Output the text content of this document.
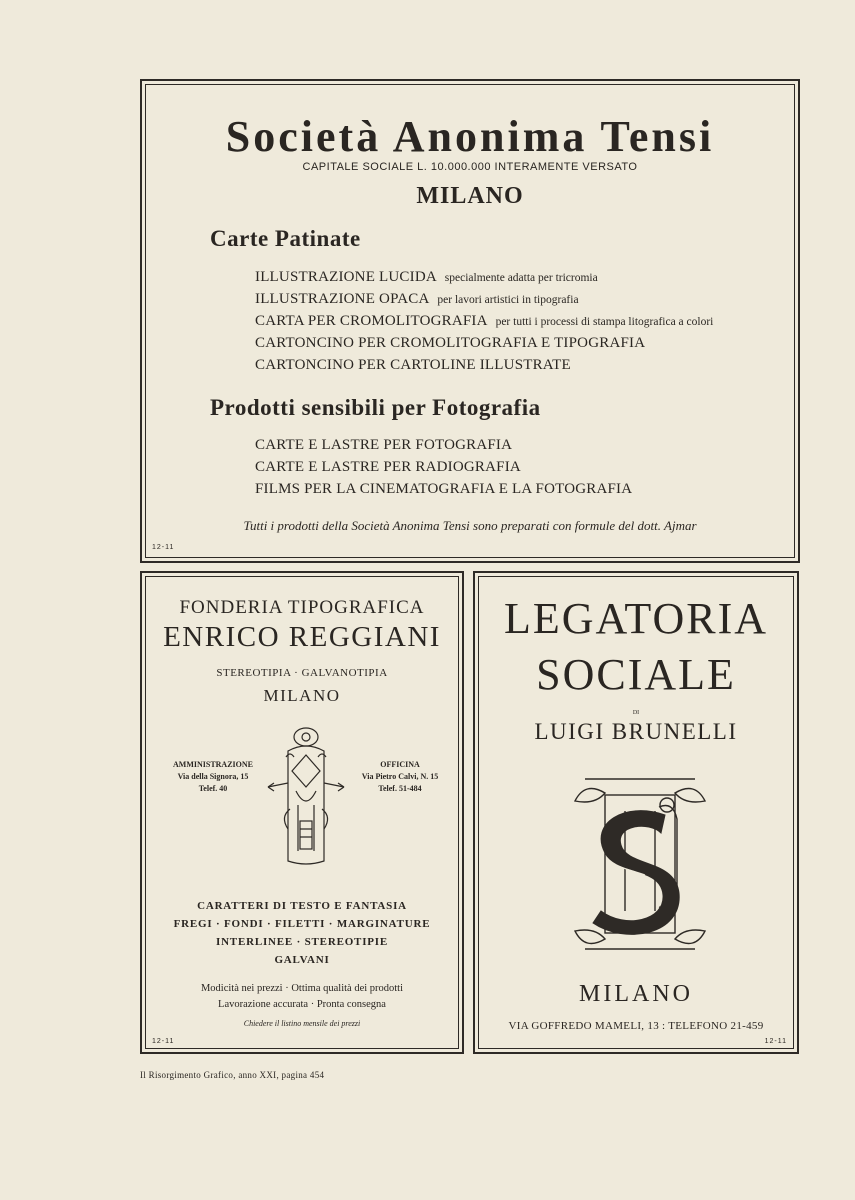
Società Anonima Tensi
CAPITALE SOCIALE L. 10.000.000 INTERAMENTE VERSATO
MILANO
Carte Patinate
ILLUSTRAZIONE LUCIDA specialmente adatta per tricromia
ILLUSTRAZIONE OPACA per lavori artistici in tipografia
CARTA PER CROMOLITOGRAFIA per tutti i processi di stampa litografica a colori
CARTONCINO PER CROMOLITOGRAFIA E TIPOGRAFIA
CARTONCINO PER CARTOLINE ILLUSTRATE
Prodotti sensibili per Fotografia
CARTE E LASTRE PER FOTOGRAFIA
CARTE E LASTRE PER RADIOGRAFIA
FILMS PER LA CINEMATOGRAFIA E LA FOTOGRAFIA
Tutti i prodotti della Società Anonima Tensi sono preparati con formule del dott. Ajmar
12-11
FONDERIA TIPOGRAFICA
ENRICO REGGIANI
STEREOTIPIA · GALVANOTIPIA
MILANO
AMMINISTRAZIONE
Via della Signora, 15
Telef. 40
OFFICINA
Via Pietro Calvi, N. 15
Telef. 51-484
CARATTERI DI TESTO E FANTASIA
FREGI · FONDI · FILETTI · MARGINATURE
INTERLINEE · STEREOTIPIE
GALVANI
Modicità nei prezzi · Ottima qualità dei prodotti
Lavorazione accurata · Pronta consegna
Chiedere il listino mensile dei prezzi
12-11
LEGATORIA
SOCIALE
DI
LUIGI BRUNELLI
MILANO
VIA GOFFREDO MAMELI, 13 : TELEFONO 21-459
12-11
Il Risorgimento Grafico, anno XXI, pagina 454
